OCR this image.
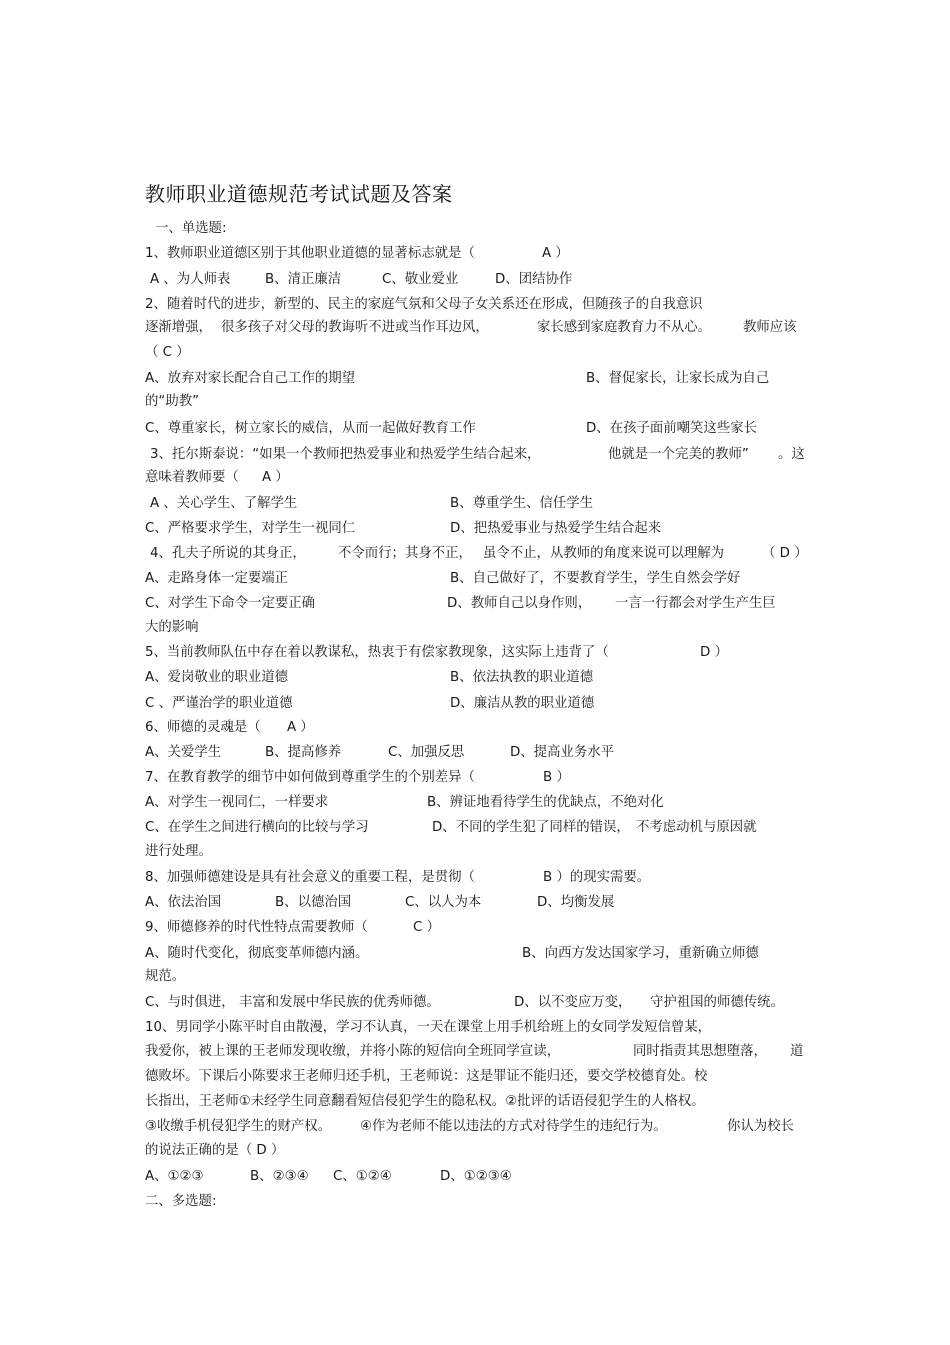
教师职业道德规范考试试题及答案
一、单选题:
1、教师职业道德区别于其他职业道德的显著标志就是（	A ）
A 、为人师表	B、清正廉洁	C、敬业爱业	D、团结协作
2、随着时代的进步，新型的、民主的家庭气氛和父母子女关系还在形成，但随孩子的自我意识
逐渐增强， 很多孩子对父母的教诲听不进或当作耳边风，	家长感到家庭教育力不从心。 教师应该
（ C ）
A、放弃对家长配合自己工作的期望	B、督促家长，让家长成为自己
的“助教”
C、尊重家长，树立家长的威信，从而一起做好教育工作	D、在孩子面前嘲笑这些家长
3、托尔斯泰说：“如果一个教师把热爱事业和热爱学生结合起来，	他就是一个完美的教师” 。这
意味着教师要（ A ）
A 、关心学生、了解学生	B、尊重学生、信任学生
C、严格要求学生，对学生一视同仁	D、把热爱事业与热爱学生结合起来
4、孔夫子所说的其身正， 不令而行；其身不正， 虽令不止，从教师的角度来说可以理解为	（ D ）
A、走路身体一定要端正	B、自己做好了，不要教育学生，学生自然会学好
C、对学生下命令一定要正确	D、教师自己以身作则， 一言一行都会对学生产生巨
大的影响
5、当前教师队伍中存在着以教谋私，热衷于有偿家教现象，这实际上违背了（	D ）
A、爱岗敬业的职业道德	B、依法执教的职业道德
C 、严谨治学的职业道德	D、廉洁从教的职业道德
6、师德的灵魂是（ A ）
A、关爱学生	B、提高修养	C、加强反思	D、提高业务水平
7、在教育教学的细节中如何做到尊重学生的个别差异（	B ）
A、对学生一视同仁，一样要求	B、辨证地看待学生的优缺点，不绝对化
C、在学生之间进行横向的比较与学习	D、不同的学生犯了同样的错误， 不考虑动机与原因就
进行处理。
8、加强师德建设是具有社会意义的重要工程，是贯彻（	B ）的现实需要。
A、依法治国	B、以德治国	C、以人为本	D、均衡发展
9、师德修养的时代性特点需要教师（	C ）
A、随时代变化，彻底变革师德内涵。	B、向西方发达国家学习，重新确立师德
规范。
C、与时俱进， 丰富和发展中华民族的优秀师德。	D、以不变应万变， 守护祖国的师德传统。
10、男同学小陈平时自由散漫，学习不认真，一天在课堂上用手机给班上的女同学发短信曾某，
我爱你，被上课的王老师发现收缴，并将小陈的短信向全班同学宣读，	同时指责其思想堕落， 道
德败坏。下课后小陈要求王老师归还手机，王老师说：这是罪证不能归还，要交学校德育处。校
长指出，王老师①未经学生同意翻看短信侵犯学生的隐私权。②批评的话语侵犯学生的人格权。
③收缴手机侵犯学生的财产权。 ④作为老师不能以违法的方式对待学生的违纪行为。	你认为校长
的说法正确的是（ D ）
A、①②③	B、②③④ C、①②④	D、①②③④
二、多选题:
